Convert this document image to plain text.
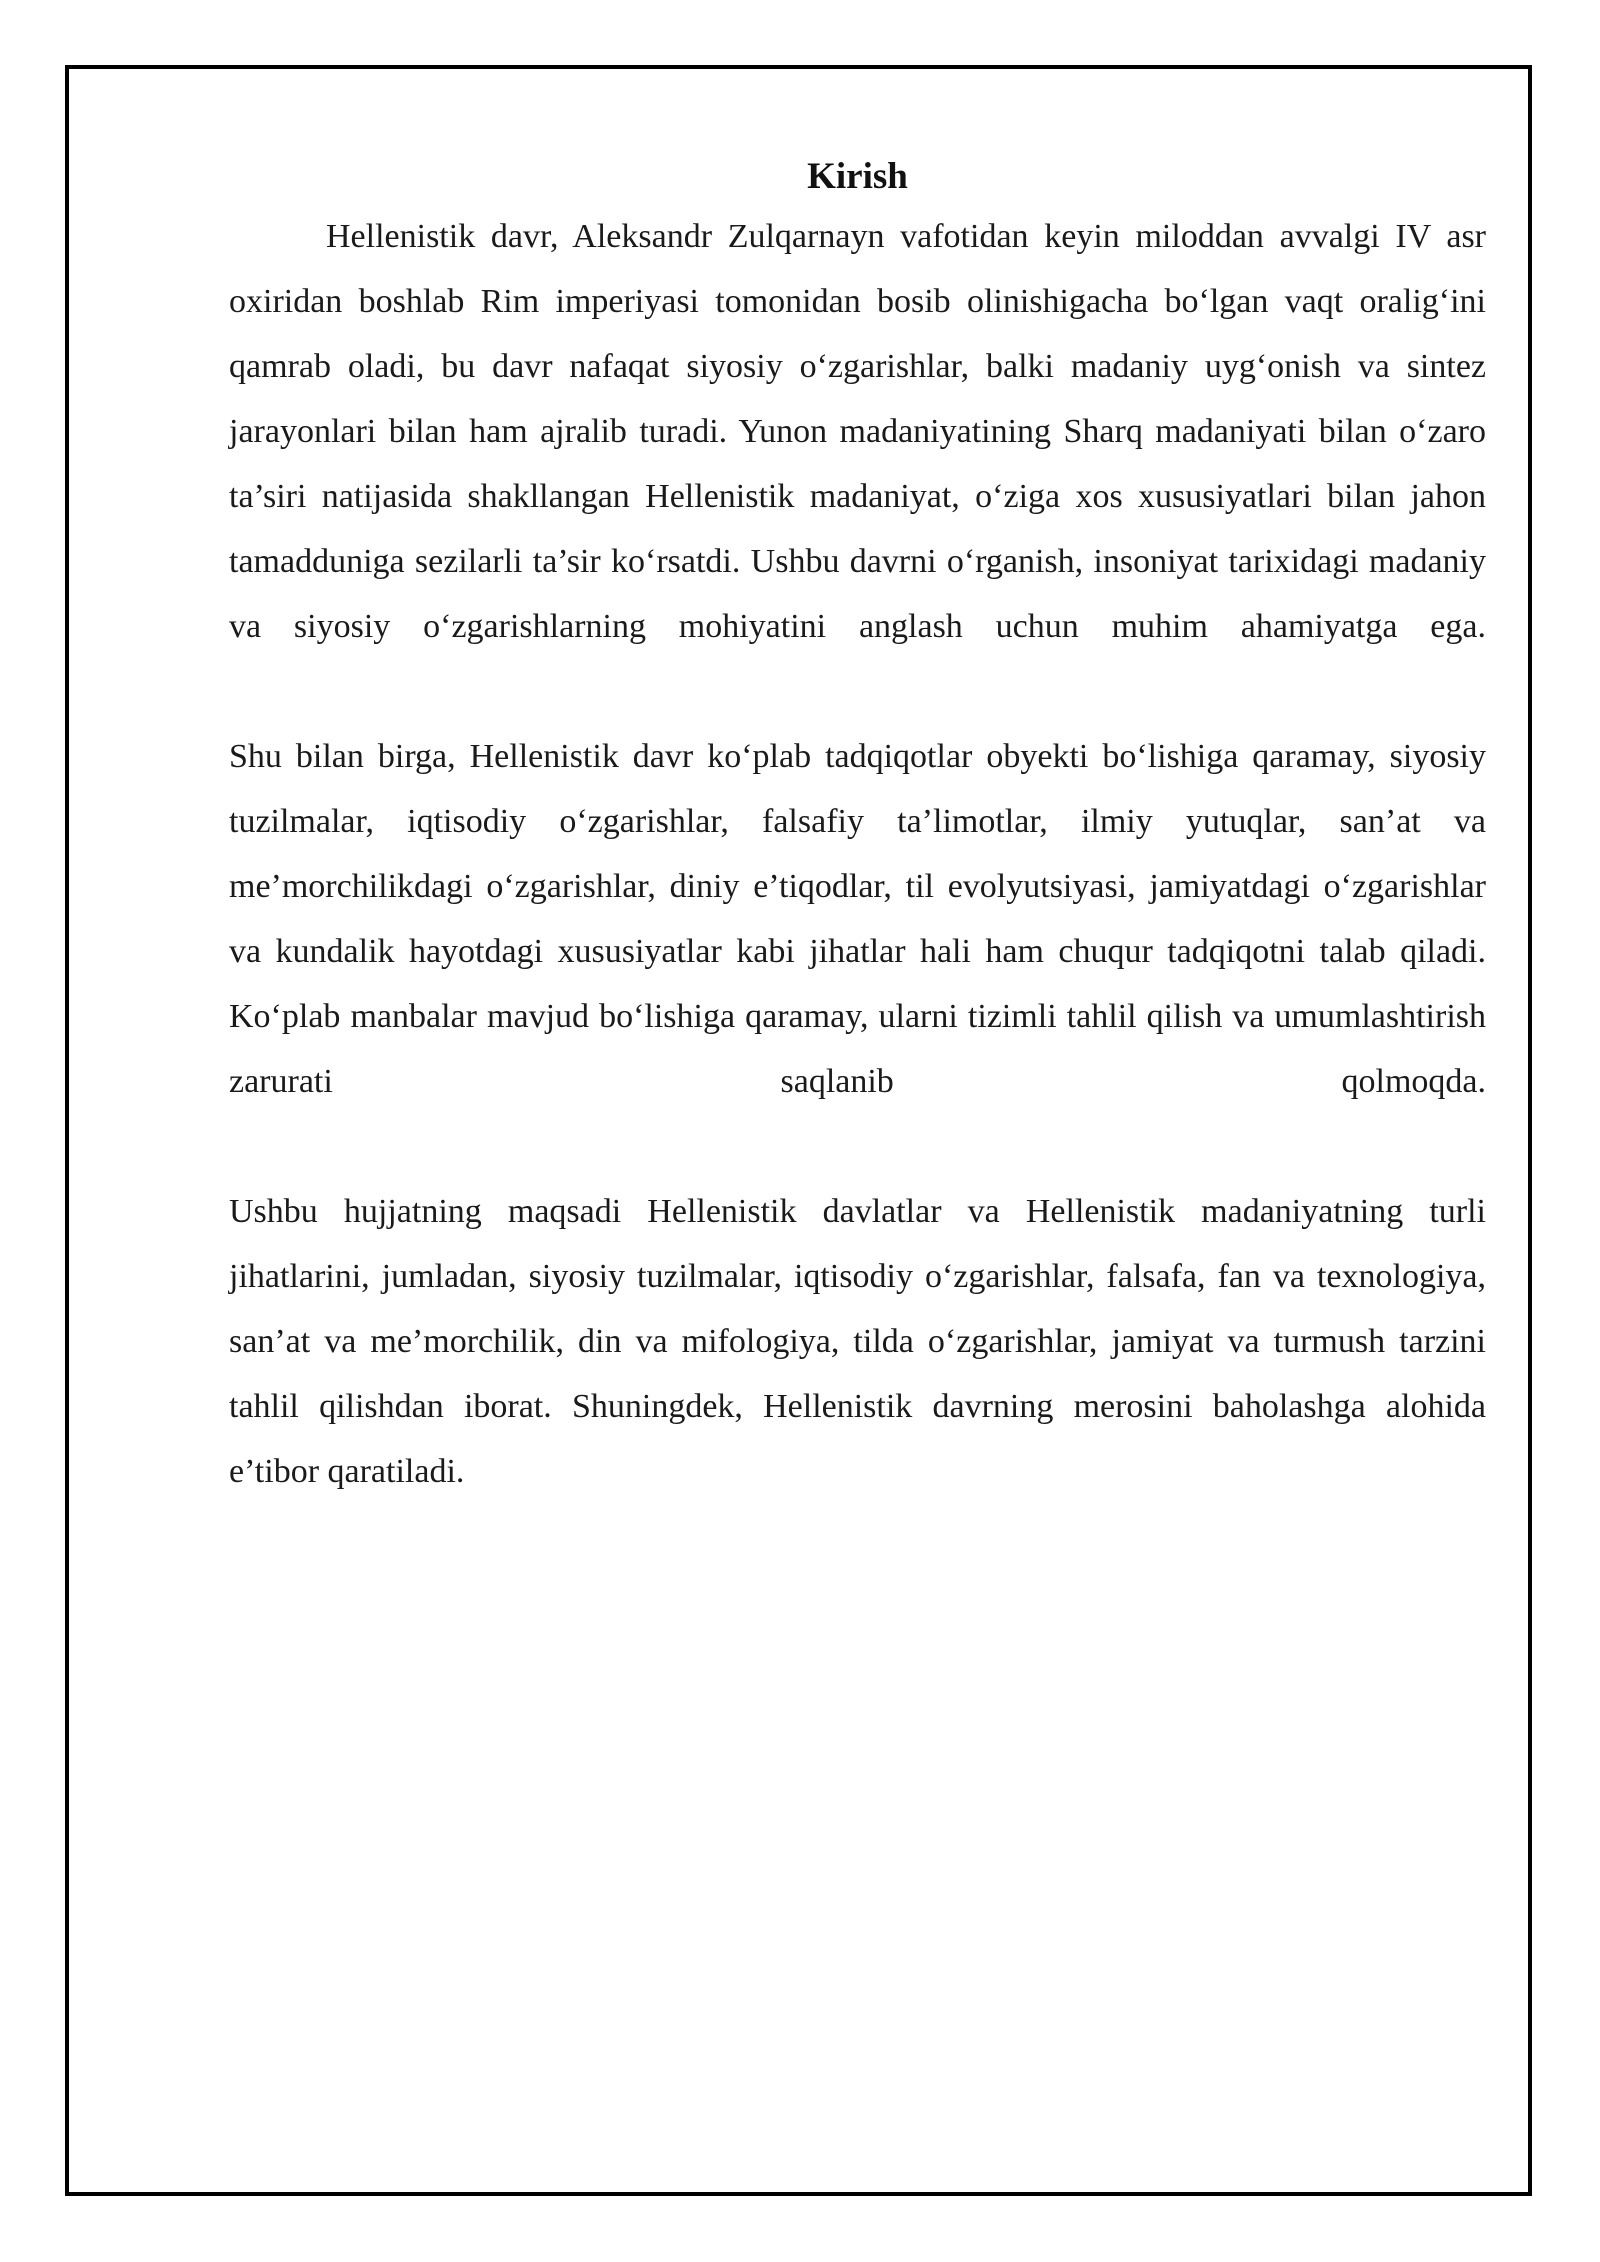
Kirish

Hellenistik davr, Aleksandr Zulqarnayn vafotidan keyin miloddan avvalgi IV asr oxiridan boshlab Rim imperiyasi tomonidan bosib olinishigacha bo‘lgan vaqt oralig‘ini qamrab oladi, bu davr nafaqat siyosiy o‘zgarishlar, balki madaniy uyg‘onish va sintez jarayonlari bilan ham ajralib turadi. Yunon madaniyatining Sharq madaniyati bilan o‘zaro ta’siri natijasida shakllangan Hellenistik madaniyat, o‘ziga xos xususiyatlari bilan jahon tamadduniga sezilarli ta’sir ko‘rsatdi. Ushbu davrni o‘rganish, insoniyat tarixidagi madaniy va siyosiy o‘zgarishlarning mohiyatini anglash uchun muhim ahamiyatga ega.

Shu bilan birga, Hellenistik davr ko‘plab tadqiqotlar obyekti bo‘lishiga qaramay, siyosiy tuzilmalar, iqtisodiy o‘zgarishlar, falsafiy ta’limotlar, ilmiy yutuqlar, san’at va me’morchilikdagi o‘zgarishlar, diniy e’tiqodlar, til evolyutsiyasi, jamiyatdagi o‘zgarishlar va kundalik hayotdagi xususiyatlar kabi jihatlar hali ham chuqur tadqiqotni talab qiladi. Ko‘plab manbalar mavjud bo‘lishiga qaramay, ularni tizimli tahlil qilish va umumlashtirish zarurati saqlanib qolmoqda.

Ushbu hujjatning maqsadi Hellenistik davlatlar va Hellenistik madaniyatning turli jihatlarini, jumladan, siyosiy tuzilmalar, iqtisodiy o‘zgarishlar, falsafa, fan va texnologiya, san’at va me’morchilik, din va mifologiya, tilda o‘zgarishlar, jamiyat va turmush tarzini tahlil qilishdan iborat. Shuningdek, Hellenistik davrning merosini baholashga alohida e’tibor qaratiladi.
